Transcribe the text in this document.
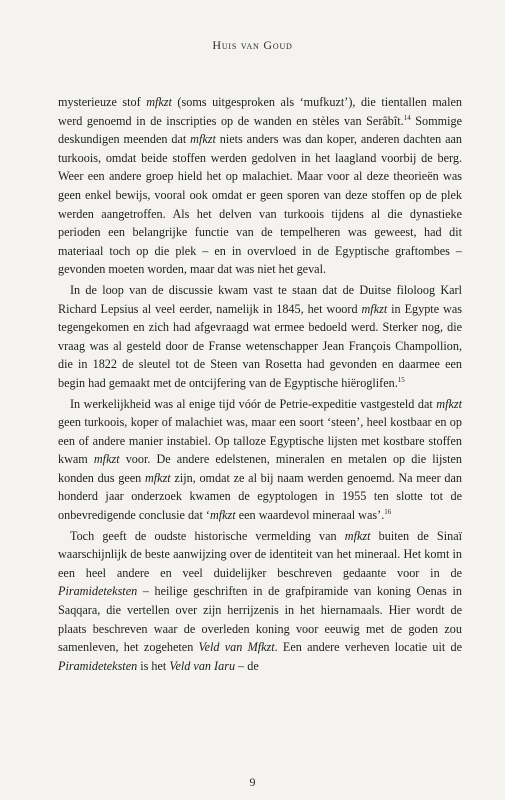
Huis van Goud

mysterieuze stof mfkzt (soms uitgesproken als ‘mufkuzt’), die tientallen malen werd genoemd in de inscripties op de wanden en stèles van Serâbît.$^{14}$ Sommige deskundigen meenden dat mfkzt niets anders was dan koper, anderen dachten aan turkoois, omdat beide stoffen werden gedolven in het laagland voorbij de berg. Weer een andere groep hield het op malachiet. Maar voor al deze theorieën was geen enkel bewijs, vooral ook omdat er geen sporen van deze stoffen op de plek werden aangetroffen. Als het delven van turkoois tijdens al die dynastieke perioden een belangrijke functie van de tempelheren was geweest, had dit materiaal toch op die plek – en in overvloed in de Egyptische graftombes – gevonden moeten worden, maar dat was niet het geval.

In de loop van de discussie kwam vast te staan dat de Duitse filoloog Karl Richard Lepsius al veel eerder, namelijk in 1845, het woord mfkzt in Egypte was tegengekomen en zich had afgevraagd wat ermee bedoeld werd. Sterker nog, die vraag was al gesteld door de Franse wetenschapper Jean François Champollion, die in 1822 de sleutel tot de Steen van Rosetta had gevonden en daarmee een begin had gemaakt met de ontcijfering van de Egyptische hiëroglifen.$^{15}$

In werkelijkheid was al enige tijd vóór de Petrie-expeditie vastgesteld dat mfkzt geen turkoois, koper of malachiet was, maar een soort ‘steen’, heel kostbaar en op een of andere manier instabiel. Op talloze Egyptische lijsten met kostbare stoffen kwam mfkzt voor. De andere edelstenen, mineralen en metalen op die lijsten konden dus geen mfkzt zijn, omdat ze al bij naam werden genoemd. Na meer dan honderd jaar onderzoek kwamen de egyptologen in 1955 ten slotte tot de onbevredigende conclusie dat ‘mfkzt een waardevol mineraal was’.$^{16}$

Toch geeft de oudste historische vermelding van mfkzt buiten de Sinaï waarschijnlijk de beste aanwijzing over de identiteit van het mineraal. Het komt in een heel andere en veel duidelijker beschreven gedaante voor in de Piramideteksten – heilige geschriften in de grafpiramide van koning Oenas in Saqqara, die vertellen over zijn herrijzenis in het hiernamaals. Hier wordt de plaats beschreven waar de overleden koning voor eeuwig met de goden zou samenleven, het zogeheten Veld van Mfkzt. Een andere verheven locatie uit de Piramideteksten is het Veld van Iaru – de

9
